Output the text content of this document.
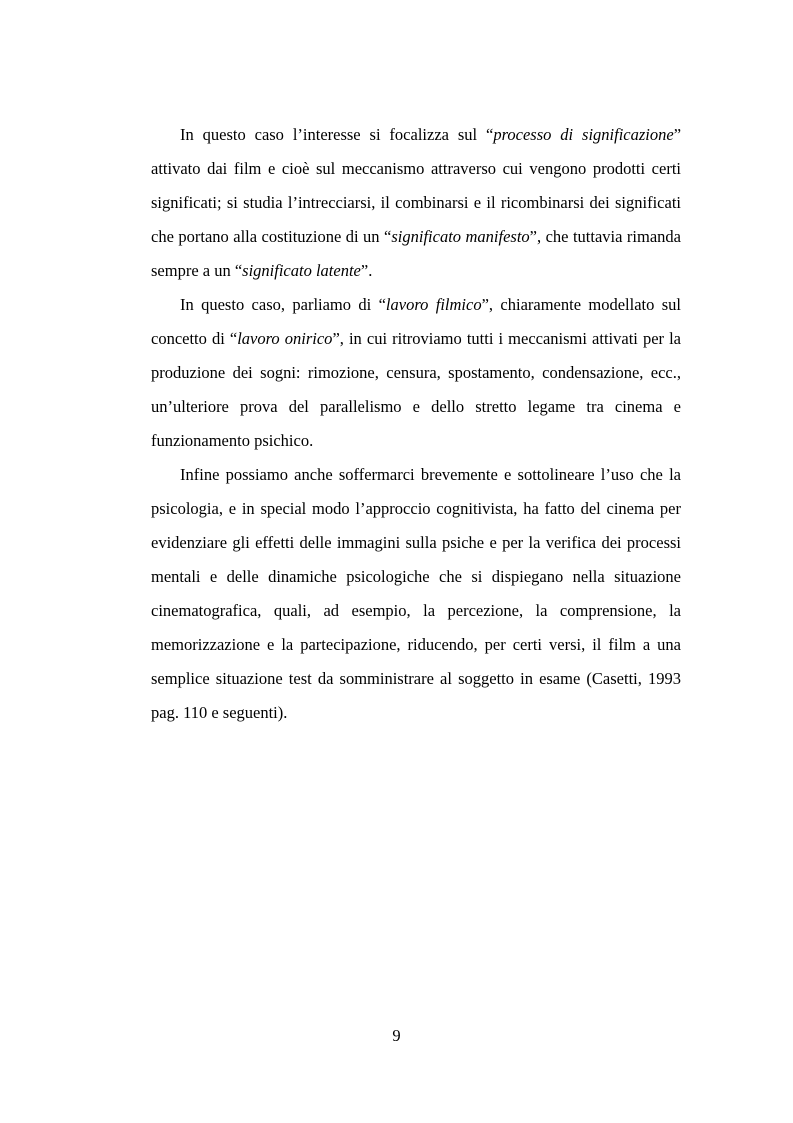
In questo caso l’interesse si focalizza sul “processo di significazione” attivato dai film e cioè sul meccanismo attraverso cui vengono prodotti certi significati; si studia l’intrecciarsi, il combinarsi e il ricombinarsi dei significati che portano alla costituzione di un “significato manifesto”, che tuttavia rimanda sempre a un “significato latente”.

In questo caso, parliamo di “lavoro filmico”, chiaramente modellato sul concetto di “lavoro onirico”, in cui ritroviamo tutti i meccanismi attivati per la produzione dei sogni: rimozione, censura, spostamento, condensazione, ecc., un’ulteriore prova del parallelismo e dello stretto legame tra cinema e funzionamento psichico.

Infine possiamo anche soffermarci brevemente e sottolineare l’uso che la psicologia, e in special modo l’approccio cognitivista, ha fatto del cinema per evidenziare gli effetti delle immagini sulla psiche e per la verifica dei processi mentali e delle dinamiche psicologiche che si dispiegano nella situazione cinematografica, quali, ad esempio, la percezione, la comprensione, la memorizzazione e la partecipazione, riducendo, per certi versi, il film a una semplice situazione test da somministrare al soggetto in esame (Casetti, 1993 pag. 110 e seguenti).

9
